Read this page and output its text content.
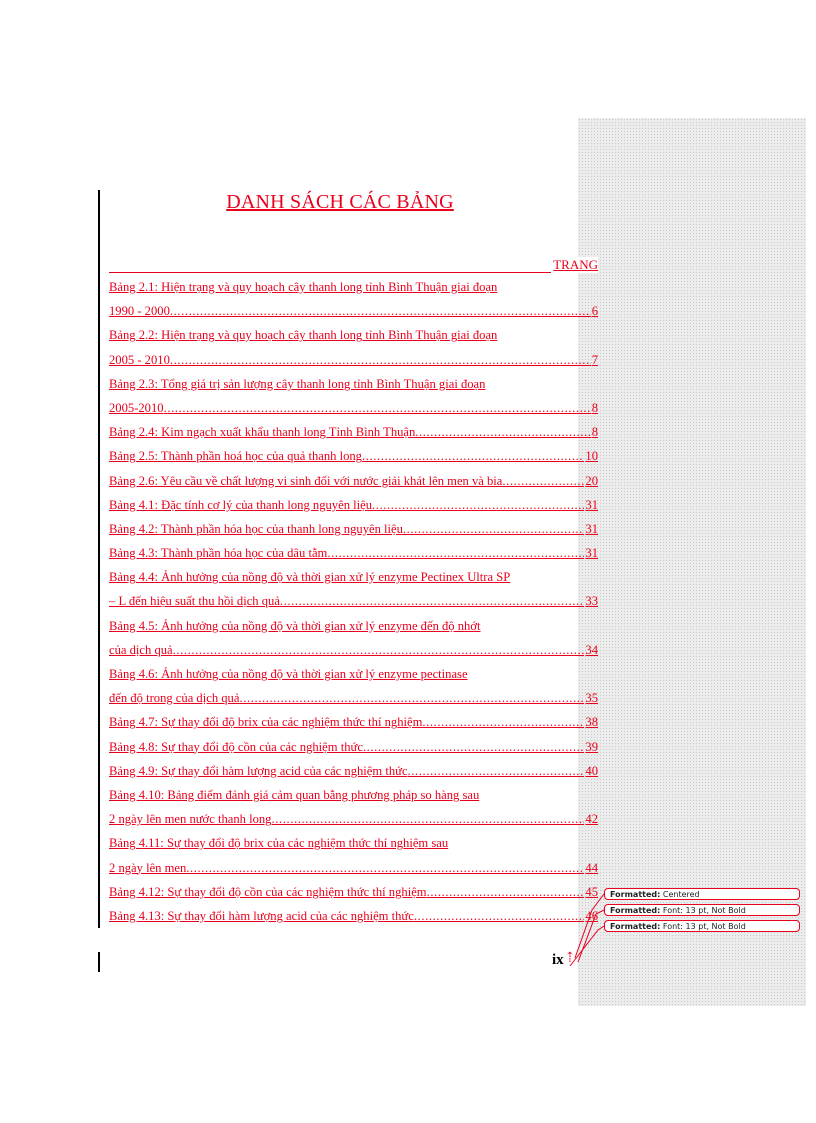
DANH SÁCH CÁC BẢNG
TRANG
Bảng 2.1: Hiện trạng và quy hoạch cây thanh long tỉnh Bình Thuận giai đoạn
1990 - 2000 .....	6
Bảng 2.2: Hiện trạng và quy hoạch cây thanh long tỉnh Bình Thuận giai đoạn
2005 - 2010 .....	7
Bảng 2.3: Tổng giá trị sản lượng cây thanh long tỉnh Bình Thuận giai đoạn
2005-2010 .....	8
Bảng 2.4: Kim ngạch xuất khẩu thanh long Tỉnh Bình Thuận .....	8
Bảng 2.5: Thành phần hoá học của quả thanh long .....	10
Bảng 2.6: Yêu cầu về chất lượng vi sinh đối với nước giải khát lên men và bia .....	20
Bảng 4.1: Đặc tính cơ lý của thanh long nguyên liệu .....	31
Bảng 4.2: Thành phần hóa học của thanh long nguyên liệu .....	31
Bảng 4.3: Thành phần hóa học của dâu tằm .....	31
Bảng 4.4: Ảnh hưởng của nồng độ và thời gian xử lý enzyme Pectinex Ultra SP
– L đến hiệu suất thu hồi dịch quả .....	33
Bảng 4.5: Ảnh hưởng của nồng độ và thời gian xử lý enzyme đến độ nhớt
của dịch quả .....	34
Bảng 4.6: Ảnh hưởng của nồng độ và thời gian xử lý enzyme pectinase
đến độ trong của dịch quả .....	35
Bảng 4.7: Sự thay đổi độ brix của các nghiệm thức thí nghiệm .....	38
Bảng 4.8: Sự thay đổi độ cồn của các nghiệm thức .....	39
Bảng 4.9: Sự thay đổi hàm lượng acid của các nghiệm thức .....	40
Bảng 4.10: Bảng điểm đánh giá cảm quan bằng phương pháp so hàng sau
2 ngày lên men nước thanh long .....	42
Bảng 4.11: Sự thay đổi độ brix của các nghiệm thức thí nghiệm sau
2 ngày lên men .....	44
Bảng 4.12: Sự thay đổi độ cồn của các nghiệm thức thí nghiệm .....	45
Bảng 4.13: Sự thay đổi hàm lượng acid của các nghiệm thức .....	46
ix ⇡
Formatted: Centered
Formatted: Font: 13 pt, Not Bold
Formatted: Font: 13 pt, Not Bold
